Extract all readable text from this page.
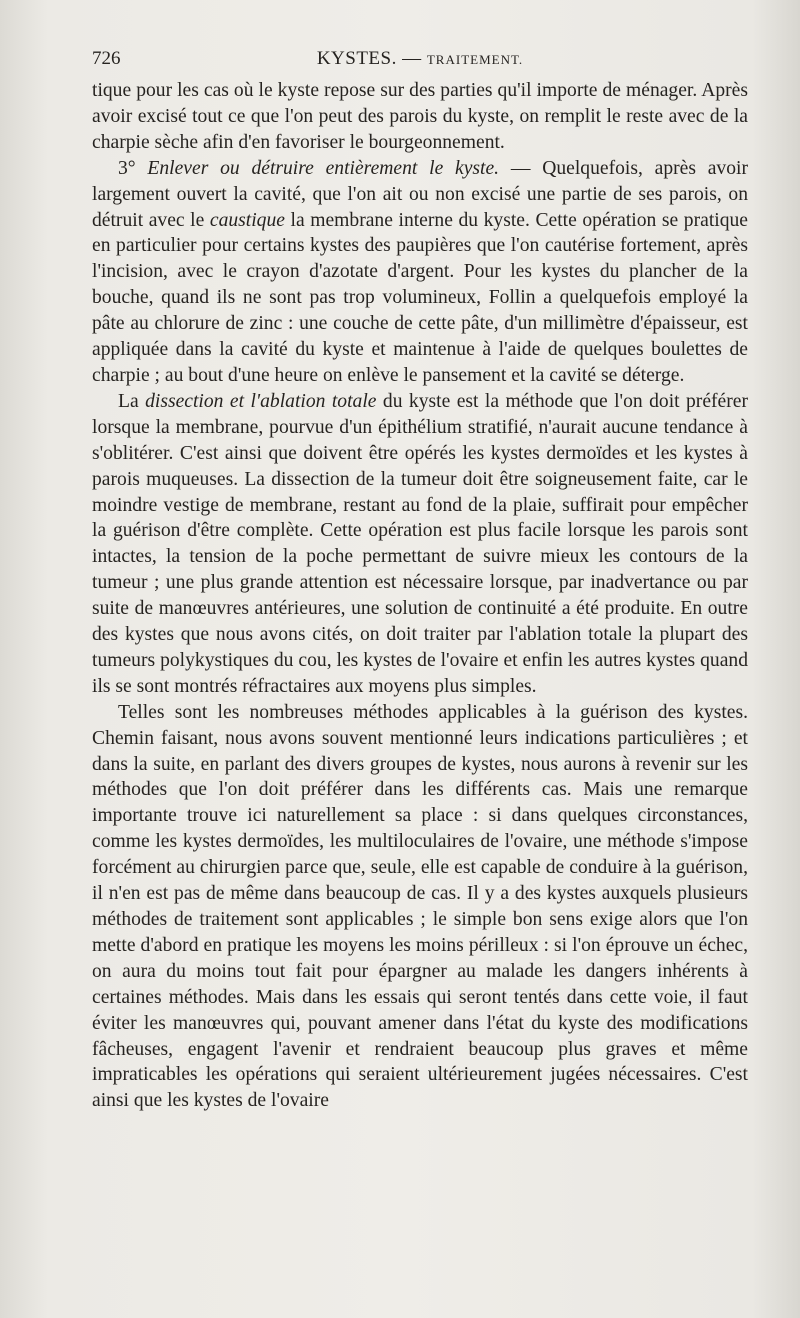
726	KYSTES. — TRAITEMENT.

tique pour les cas où le kyste repose sur des parties qu'il importe de ménager. Après avoir excisé tout ce que l'on peut des parois du kyste, on remplit le reste avec de la charpie sèche afin d'en favoriser le bourgeonnement.

3° Enlever ou détruire entièrement le kyste. — Quelquefois, après avoir largement ouvert la cavité, que l'on ait ou non excisé une partie de ses parois, on détruit avec le caustique la membrane interne du kyste. Cette opération se pratique en particulier pour certains kystes des paupières que l'on cautérise fortement, après l'incision, avec le crayon d'azotate d'argent. Pour les kystes du plancher de la bouche, quand ils ne sont pas trop volumineux, Follin a quelquefois employé la pâte au chlorure de zinc : une couche de cette pâte, d'un millimètre d'épaisseur, est appliquée dans la cavité du kyste et maintenue à l'aide de quelques boulettes de charpie ; au bout d'une heure on enlève le pansement et la cavité se déterge.

La dissection et l'ablation totale du kyste est la méthode que l'on doit préférer lorsque la membrane, pourvue d'un épithélium stratifié, n'aurait aucune tendance à s'oblitérer. C'est ainsi que doivent être opérés les kystes dermoïdes et les kystes à parois muqueuses. La dissection de la tumeur doit être soigneusement faite, car le moindre vestige de membrane, restant au fond de la plaie, suffirait pour empêcher la guérison d'être complète. Cette opération est plus facile lorsque les parois sont intactes, la tension de la poche permettant de suivre mieux les contours de la tumeur ; une plus grande attention est nécessaire lorsque, par inadvertance ou par suite de manœuvres antérieures, une solution de continuité a été produite. En outre des kystes que nous avons cités, on doit traiter par l'ablation totale la plupart des tumeurs polykystiques du cou, les kystes de l'ovaire et enfin les autres kystes quand ils se sont montrés réfractaires aux moyens plus simples.

Telles sont les nombreuses méthodes applicables à la guérison des kystes. Chemin faisant, nous avons souvent mentionné leurs indications particulières ; et dans la suite, en parlant des divers groupes de kystes, nous aurons à revenir sur les méthodes que l'on doit préférer dans les différents cas. Mais une remarque importante trouve ici naturellement sa place : si dans quelques circonstances, comme les kystes dermoïdes, les multiloculaires de l'ovaire, une méthode s'impose forcément au chirurgien parce que, seule, elle est capable de conduire à la guérison, il n'en est pas de même dans beaucoup de cas. Il y a des kystes auxquels plusieurs méthodes de traitement sont applicables ; le simple bon sens exige alors que l'on mette d'abord en pratique les moyens les moins périlleux : si l'on éprouve un échec, on aura du moins tout fait pour épargner au malade les dangers inhérents à certaines méthodes. Mais dans les essais qui seront tentés dans cette voie, il faut éviter les manœuvres qui, pouvant amener dans l'état du kyste des modifications fâcheuses, engagent l'avenir et rendraient beaucoup plus graves et même impraticables les opérations qui seraient ultérieurement jugées nécessaires. C'est ainsi que les kystes de l'ovaire
